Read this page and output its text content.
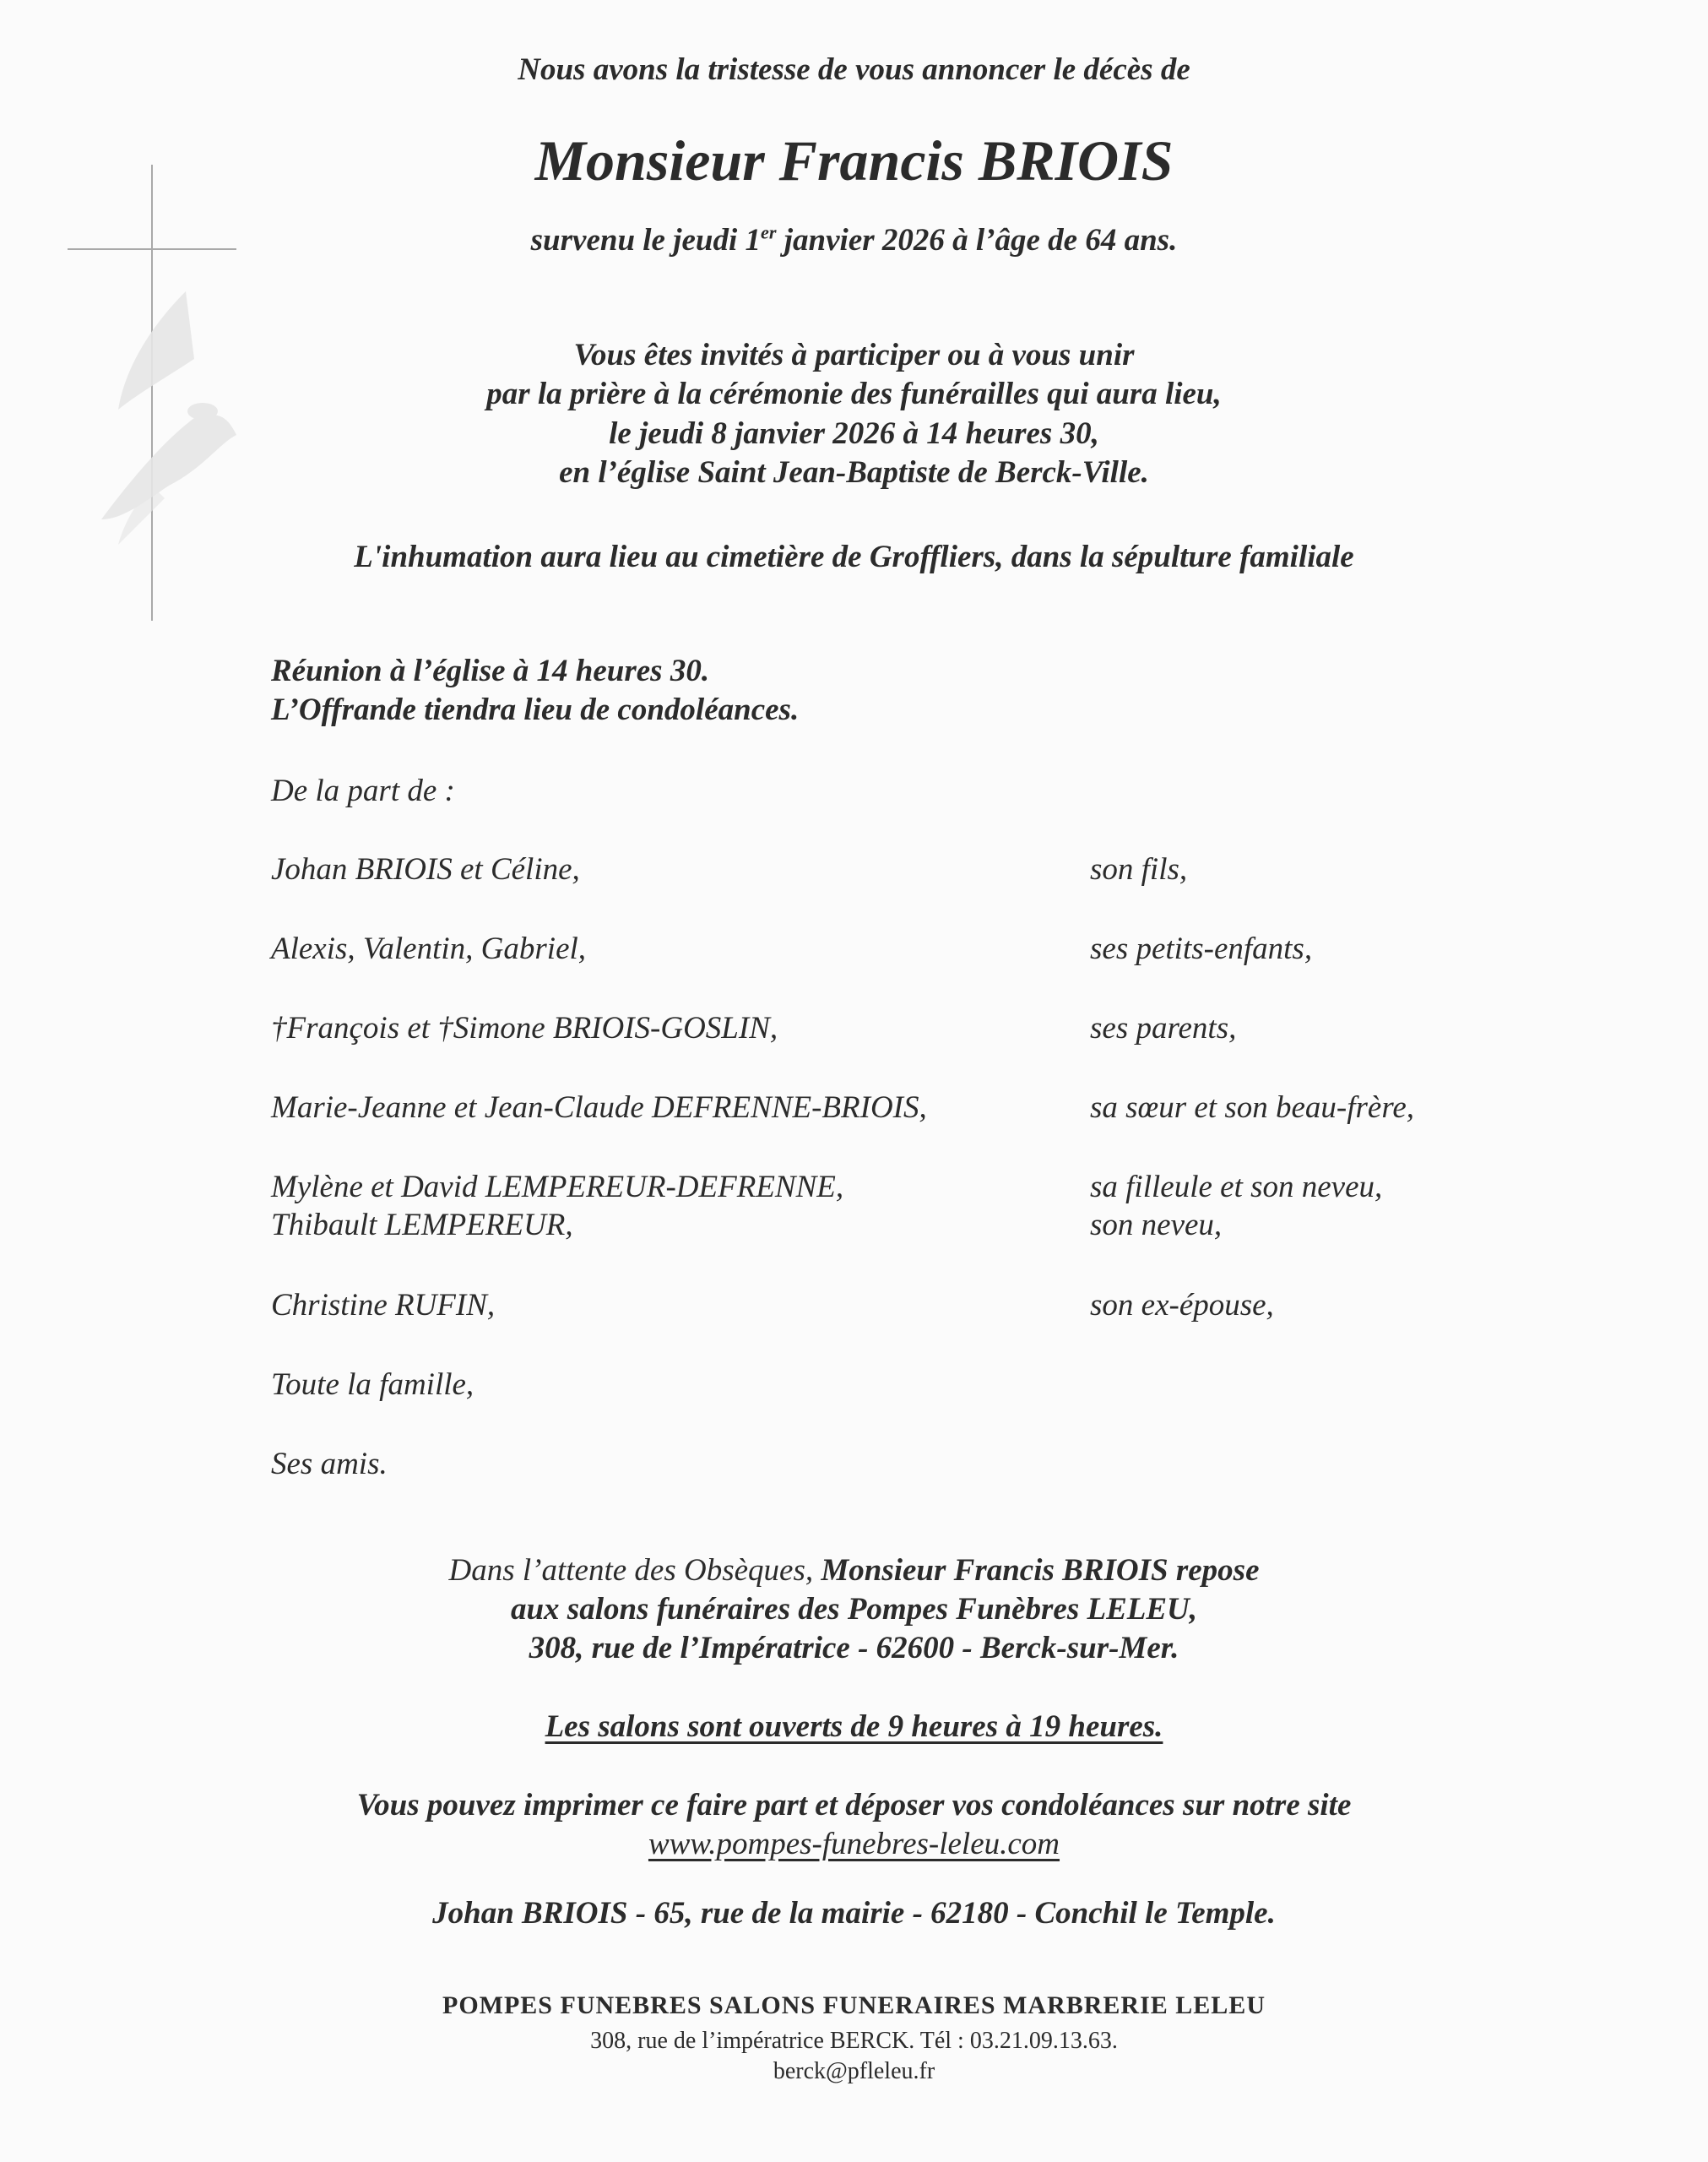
Nous avons la tristesse de vous annoncer le décès de

Monsieur Francis BRIOIS

survenu le jeudi 1er janvier 2026 à l’âge de 64 ans.

Vous êtes invités à participer ou à vous unir

par la prière à la cérémonie des funérailles qui aura lieu,

le jeudi 8 janvier 2026 à 14 heures 30,

en l’église Saint Jean-Baptiste de Berck-Ville.

L'inhumation aura lieu au cimetière de Groffliers, dans la sépulture familiale

Réunion à l’église à 14 heures 30.

L’Offrande tiendra lieu de condoléances.

De la part de :

Johan BRIOIS et Céline,	son fils,
Alexis, Valentin, Gabriel,	ses petits-enfants,
†François et †Simone BRIOIS-GOSLIN,	ses parents,
Marie-Jeanne et Jean-Claude DEFRENNE-BRIOIS,	sa sœur et son beau-frère,
Mylène et David LEMPEREUR-DEFRENNE,	sa filleule et son neveu,
Thibault LEMPEREUR,	son neveu,
Christine RUFIN,	son ex-épouse,
Toute la famille,
Ses amis.

Dans l’attente des Obsèques, Monsieur Francis BRIOIS repose

aux salons funéraires des Pompes Funèbres LELEU,

308, rue de l’Impératrice - 62600 - Berck-sur-Mer.

Les salons sont ouverts de 9 heures à 19 heures.

Vous pouvez imprimer ce faire part et déposer vos condoléances sur notre site

www.pompes-funebres-leleu.com

Johan BRIOIS - 65, rue de la mairie - 62180 - Conchil le Temple.

POMPES FUNEBRES SALONS FUNERAIRES MARBRERIE LELEU

308, rue de l’impératrice BERCK. Tél : 03.21.09.13.63.

berck@pfleleu.fr
